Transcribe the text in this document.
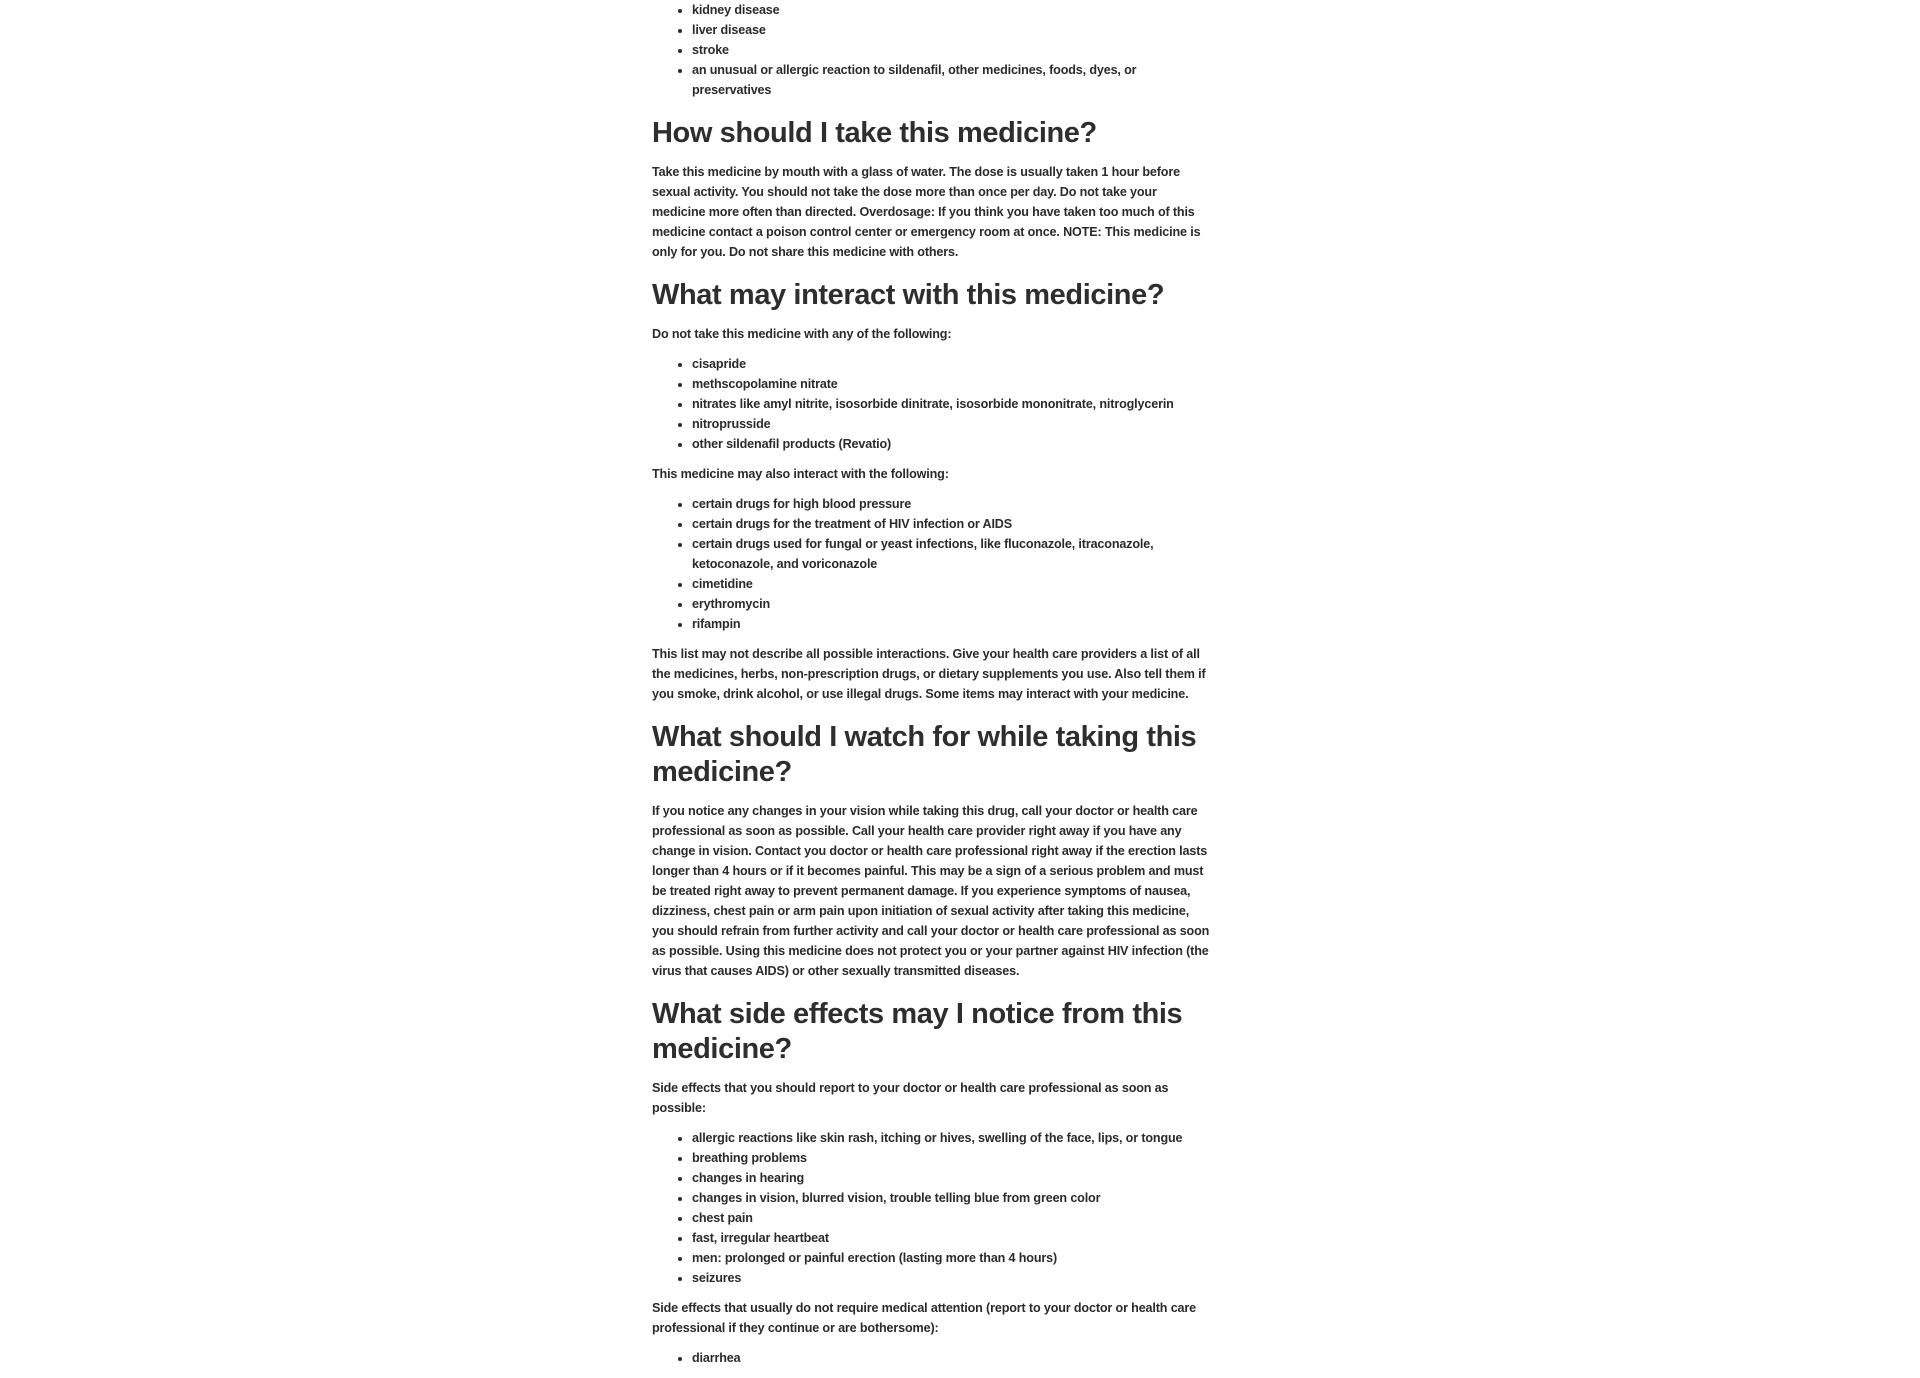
• kidney disease
• liver disease
• stroke
• an unusual or allergic reaction to sildenafil, other medicines, foods, dyes, or preservatives
How should I take this medicine?

Take this medicine by mouth with a glass of water. The dose is usually taken 1 hour before sexual activity. You should not take the dose more than once per day. Do not take your medicine more often than directed. Overdosage: If you think you have taken too much of this medicine contact a poison control center or emergency room at once. NOTE: This medicine is only for you. Do not share this medicine with others.

What may interact with this medicine?

Do not take this medicine with any of the following:

• cisapride
• methscopolamine nitrate
• nitrates like amyl nitrite, isosorbide dinitrate, isosorbide mononitrate, nitroglycerin
• nitroprusside
• other sildenafil products (Revatio)

This medicine may also interact with the following:

• certain drugs for high blood pressure
• certain drugs for the treatment of HIV infection or AIDS
• certain drugs used for fungal or yeast infections, like fluconazole, itraconazole, ketoconazole, and voriconazole
• cimetidine
• erythromycin
• rifampin

This list may not describe all possible interactions. Give your health care providers a list of all the medicines, herbs, non-prescription drugs, or dietary supplements you use. Also tell them if you smoke, drink alcohol, or use illegal drugs. Some items may interact with your medicine.

What should I watch for while taking this medicine?

If you notice any changes in your vision while taking this drug, call your doctor or health care professional as soon as possible. Call your health care provider right away if you have any change in vision. Contact you doctor or health care professional right away if the erection lasts longer than 4 hours or if it becomes painful. This may be a sign of a serious problem and must be treated right away to prevent permanent damage. If you experience symptoms of nausea, dizziness, chest pain or arm pain upon initiation of sexual activity after taking this medicine, you should refrain from further activity and call your doctor or health care professional as soon as possible. Using this medicine does not protect you or your partner against HIV infection (the virus that causes AIDS) or other sexually transmitted diseases.

What side effects may I notice from this medicine?

Side effects that you should report to your doctor or health care professional as soon as possible:

• allergic reactions like skin rash, itching or hives, swelling of the face, lips, or tongue
• breathing problems
• changes in hearing
• changes in vision, blurred vision, trouble telling blue from green color
• chest pain
• fast, irregular heartbeat
• men: prolonged or painful erection (lasting more than 4 hours)
• seizures

Side effects that usually do not require medical attention (report to your doctor or health care professional if they continue or are bothersome):

• diarrhea
